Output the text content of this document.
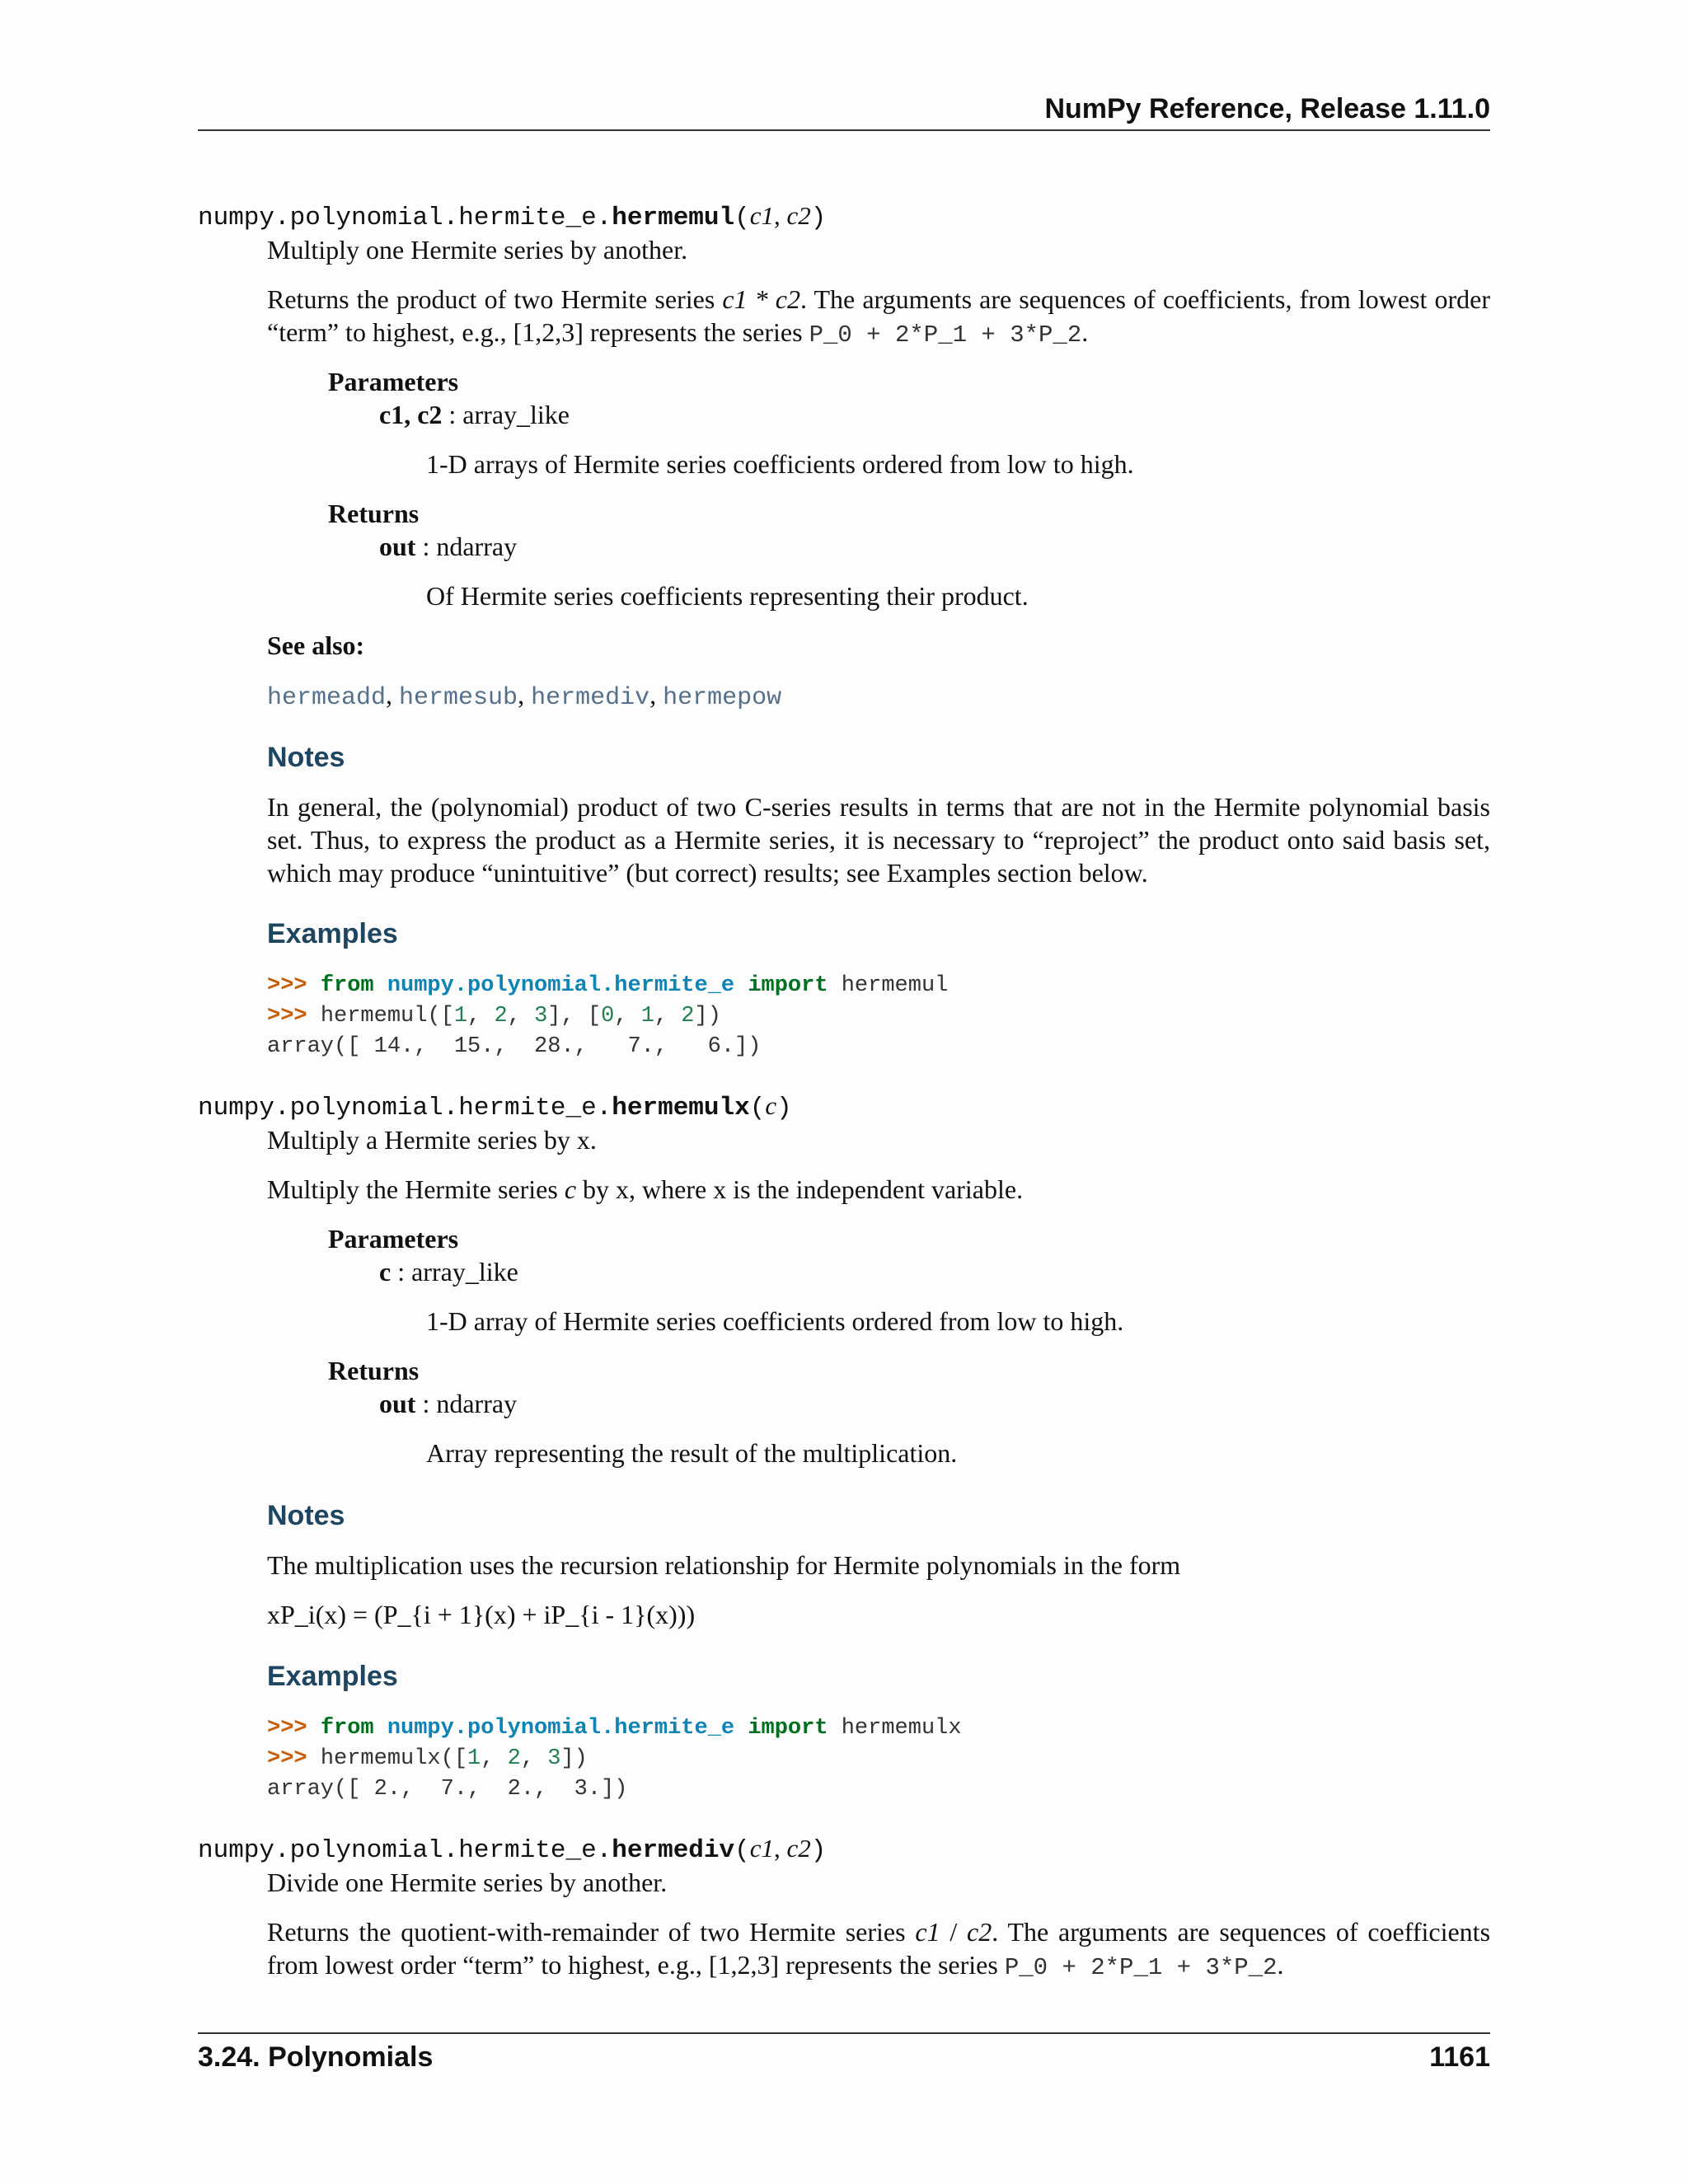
NumPy Reference, Release 1.11.0
numpy.polynomial.hermite_e.hermemul(c1, c2)
Multiply one Hermite series by another.
Returns the product of two Hermite series c1 * c2. The arguments are sequences of coefficients, from lowest order “term” to highest, e.g., [1,2,3] represents the series P_0 + 2*P_1 + 3*P_2.
Parameters
c1, c2 : array_like
1-D arrays of Hermite series coefficients ordered from low to high.
Returns
out : ndarray
Of Hermite series coefficients representing their product.
See also:
hermeadd, hermesub, hermediv, hermepow
Notes
In general, the (polynomial) product of two C-series results in terms that are not in the Hermite polynomial basis set. Thus, to express the product as a Hermite series, it is necessary to “reproject” the product onto said basis set, which may produce “unintuitive” (but correct) results; see Examples section below.
Examples
>>> from numpy.polynomial.hermite_e import hermemul
>>> hermemul([1, 2, 3], [0, 1, 2])
array([ 14.,  15.,  28.,   7.,   6.])
numpy.polynomial.hermite_e.hermemulx(c)
Multiply a Hermite series by x.
Multiply the Hermite series c by x, where x is the independent variable.
Parameters
c : array_like
1-D array of Hermite series coefficients ordered from low to high.
Returns
out : ndarray
Array representing the result of the multiplication.
Notes
The multiplication uses the recursion relationship for Hermite polynomials in the form
xP_i(x) = (P_{i + 1}(x) + iP_{i - 1}(x)))
Examples
>>> from numpy.polynomial.hermite_e import hermemulx
>>> hermemulx([1, 2, 3])
array([ 2.,  7.,  2.,  3.])
numpy.polynomial.hermite_e.hermediv(c1, c2)
Divide one Hermite series by another.
Returns the quotient-with-remainder of two Hermite series c1 / c2. The arguments are sequences of coefficients from lowest order “term” to highest, e.g., [1,2,3] represents the series P_0 + 2*P_1 + 3*P_2.
3.24. Polynomials	1161
